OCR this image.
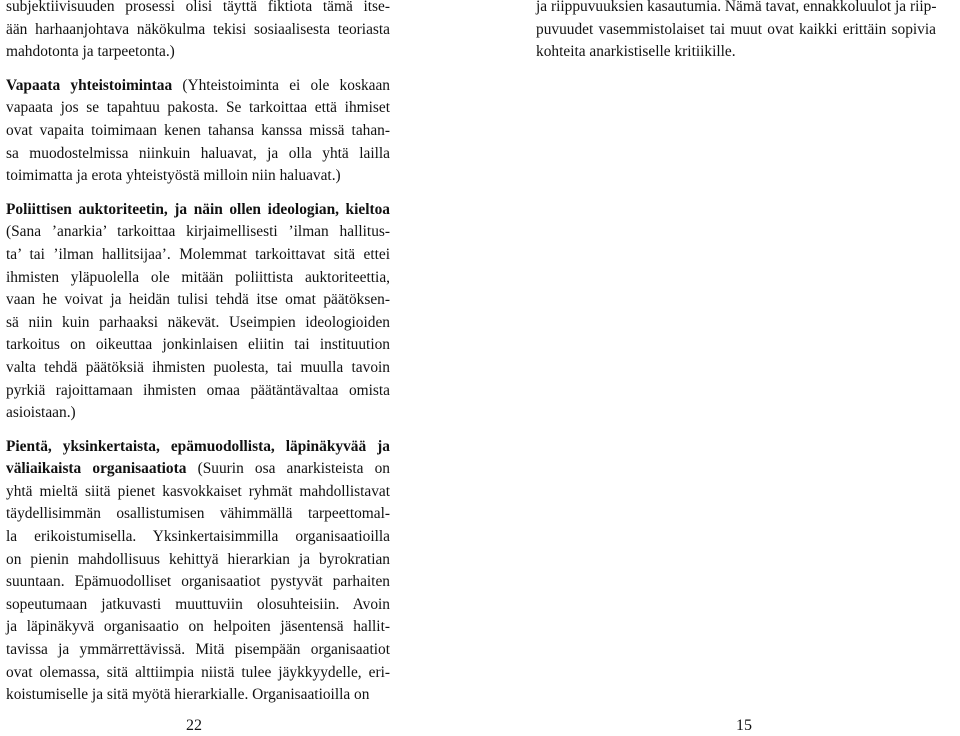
subjektiivisuuden prosessi olisi täyttä fiktiota tämä itse-
ään harhaanjohtava näkökulma tekisi sosiaalisesta teoriasta
mahdotonta ja tarpeetonta.)
Vapaata yhteistoimintaa (Yhteistoiminta ei ole koskaan
vapaata jos se tapahtuu pakosta. Se tarkoittaa että ihmiset
ovat vapaita toimimaan kenen tahansa kanssa missä tahan-
sa muodostelmissa niinkuin haluavat, ja olla yhtä lailla
toimimatta ja erota yhteistyöstä milloin niin haluavat.)
Poliittisen auktoriteetin, ja näin ollen ideologian, kieltoa
(Sana ’anarkia’ tarkoittaa kirjaimellisesti ’ilman hallitus-
ta’ tai ’ilman hallitsijaa’. Molemmat tarkoittavat sitä ettei
ihmisten yläpuolella ole mitään poliittista auktoriteettia,
vaan he voivat ja heidän tulisi tehdä itse omat päätöksen-
sä niin kuin parhaaksi näkevät. Useimpien ideologioiden
tarkoitus on oikeuttaa jonkinlaisen eliitin tai instituution
valta tehdä päätöksiä ihmisten puolesta, tai muulla tavoin
pyrkiä rajoittamaan ihmisten omaa päätäntävaltaa omista
asioistaan.)
Pientä, yksinkertaista, epämuodollista, läpinäkyvää ja
väliaikaista organisaatiota (Suurin osa anarkisteista on
yhtä mieltä siitä pienet kasvokkaiset ryhmät mahdollistavat
täydellisimmän osallistumisen vähimmällä tarpeettomal-
la erikoistumisella. Yksinkertaisimmilla organisaatioilla
on pienin mahdollisuus kehittyä hierarkian ja byrokratian
suuntaan. Epämuodolliset organisaatiot pystyvät parhaiten
sopeutumaan jatkuvasti muuttuviin olosuhteisiin. Avoin
ja läpinäkyvä organisaatio on helpoiten jäsentensä hallit-
tavissa ja ymmärrettävissä. Mitä pisempään organisaatiot
ovat olemassa, sitä alttiimpia niistä tulee jäykkyydelle, eri-
koistumiselle ja sitä myötä hierarkialle. Organisaatioilla on
22
ja riippuvuuksien kasautumia. Nämä tavat, ennakkoluulot ja riip-
puvuudet vasemmistolaiset tai muut ovat kaikki erittäin sopivia
kohteita anarkistiselle kritiikille.
15
